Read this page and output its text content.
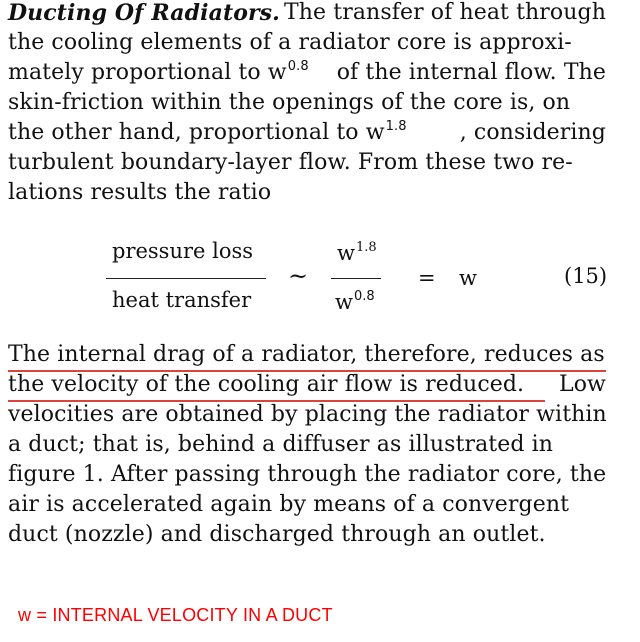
Ducting Of Radiators. The transfer of heat through
the cooling elements of a radiator core is approxi-
mately proportional to w0.8 of the internal flow. The
skin-friction within the openings of the core is, on
the other hand, proportional to w1.8 , considering
turbulent boundary-layer flow. From these two re-
lations results the ratio
pressure loss
heat transfer
~
$w^{1.8}$
$w^{0.8}$
= w	(15)
The internal drag of a radiator, therefore, reduces as
the velocity of the cooling air flow is reduced. Low
velocities are obtained by placing the radiator within
a duct; that is, behind a diffuser as illustrated in
figure 1. After passing through the radiator core, the
air is accelerated again by means of a convergent
duct (nozzle) and discharged through an outlet.
w = INTERNAL VELOCITY IN A DUCT
